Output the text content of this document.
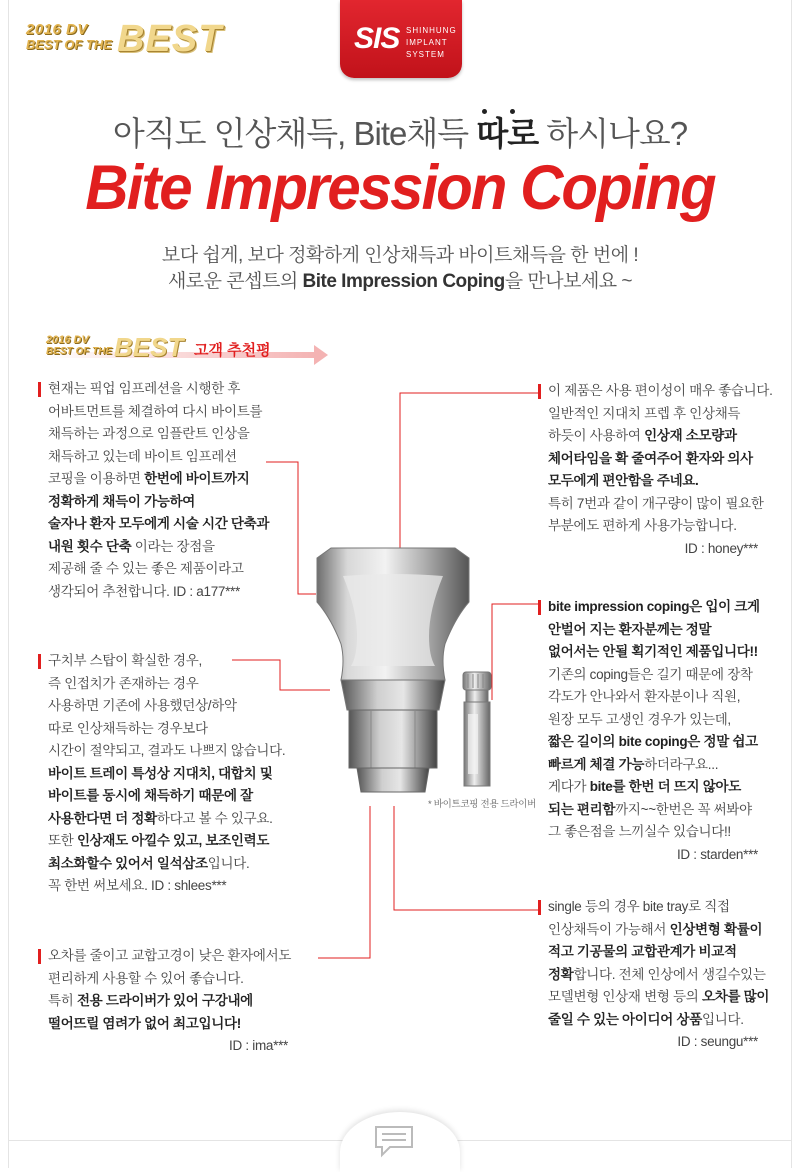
2016 DV
BEST OF THE BEST	SIS SHINHUNG
IMPLANT
SYSTEM
아직도 인상채득, Bite채득
따로 하시나요?
Bite Impression Coping
보다 쉽게, 보다 정확하게 인상채득과 바이트채득을 한 번에 !
새로운 콘셉트의 Bite Impression Coping을 만나보세요 ~
2016 DV
BEST OF THE BEST 고객 추천평

현재는 픽업 임프레션을 시행한 후

어바트먼트를 체결하여 다시 바이트를

채득하는 과정으로 임플란트 인상을

채득하고 있는데 바이트 임프레션

코핑을 이용하면 한번에 바이트까지

정확하게 채득이 가능하여

술자나 환자 모두에게 시술 시간 단축과

내원 횟수 단축 이라는 장점을

제공해 줄 수 있는 좋은 제품이라고

생각되어 추천합니다. ID : a177***

구치부 스탑이 확실한 경우,

즉 인접치가 존재하는 경우

사용하면 기존에 사용했던상/하악

따로 인상채득하는 경우보다

시간이 절약되고, 결과도 나쁘지 않습니다.

바이트 트레이 특성상 지대치, 대합치 및

바이트를 동시에 채득하기 때문에 잘

사용한다면 더 정확하다고 볼 수 있구요.

또한 인상재도 아낄수 있고, 보조인력도

최소화할수 있어서 일석삼조입니다.

꼭 한번 써보세요. ID : shlees***

오차를 줄이고 교합고경이 낮은 환자에서도

편리하게 사용할 수 있어 좋습니다.

특히 전용 드라이버가 있어 구강내에

떨어뜨릴 염려가 없어 최고입니다!

ID : ima***

이 제품은 사용 편이성이 매우 좋습니다.

일반적인 지대치 프렙 후 인상채득

하듯이 사용하여 인상재 소모량과

체어타임을 확 줄여주어 환자와 의사

모두에게 편안함을 주네요.

특히 7번과 같이 개구량이 많이 필요한

부분에도 편하게 사용가능합니다.

ID : honey***

bite impression coping은 입이 크게

안벌어 지는 환자분께는 정말

없어서는 안될 획기적인 제품입니다!!

기존의 coping들은 길기 때문에 장착

각도가 안나와서 환자분이나 직원,

원장 모두 고생인 경우가 있는데,

짧은 길이의 bite coping은 정말 쉽고

빠르게 체결 가능하더라구요...

게다가 bite를 한번 더 뜨지 않아도

되는 편리함까지~~한번은 꼭 써봐야

그 좋은점을 느끼실수 있습니다!!

ID : starden***

single 등의 경우 bite tray로 직접

인상채득이 가능해서 인상변형 확률이

적고 기공물의 교합관계가 비교적

정확합니다. 전체 인상에서 생길수있는

모델변형 인상재 변형 등의 오차를 많이

줄일 수 있는 아이디어 상품입니다.

ID : seungu***

* 바이트코핑 전용 드라이버
